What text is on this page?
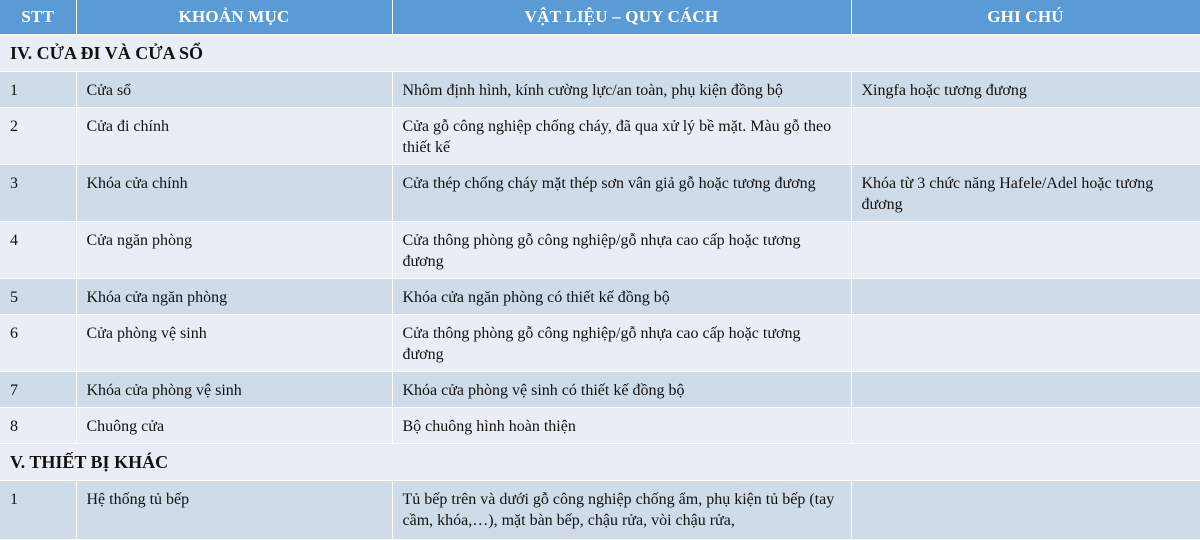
STT	KHOẢN MỤC	VẬT LIỆU – QUY CÁCH	GHI CHÚ
IV. CỬA ĐI VÀ CỬA SỔ			
1	Cửa sổ	Nhôm định hình, kính cường lực/an toàn, phụ kiện đồng bộ	Xingfa hoặc tương đương
2	Cửa đi chính	Cửa gỗ công nghiệp chống cháy, đã qua xử lý bề mặt. Màu gỗ theo thiết kế	
3	Khóa cửa chính	Cửa thép chống cháy mặt thép sơn vân giả gỗ hoặc tương đương	Khóa từ 3 chức năng Hafele/Adel hoặc tương đương
4	Cửa ngăn phòng	Cửa thông phòng gỗ công nghiệp/gỗ nhựa cao cấp hoặc tương đương	
5	Khóa cửa ngăn phòng	Khóa cửa ngăn phòng có thiết kế đồng bộ	
6	Cửa phòng vệ sinh	Cửa thông phòng gỗ công nghiệp/gỗ nhựa cao cấp hoặc tương đương	
7	Khóa cửa phòng vệ sinh	Khóa cửa phòng vệ sinh có thiết kế đồng bộ	
8	Chuông cửa	Bộ chuông hình hoàn thiện	
V. THIẾT BỊ KHÁC			
1	Hệ thống tủ bếp	Tủ bếp trên và dưới gỗ công nghiệp chống ẩm, phụ kiện tủ bếp (tay cầm, khóa,…), mặt bàn bếp, chậu rửa, vòi chậu rửa,	
